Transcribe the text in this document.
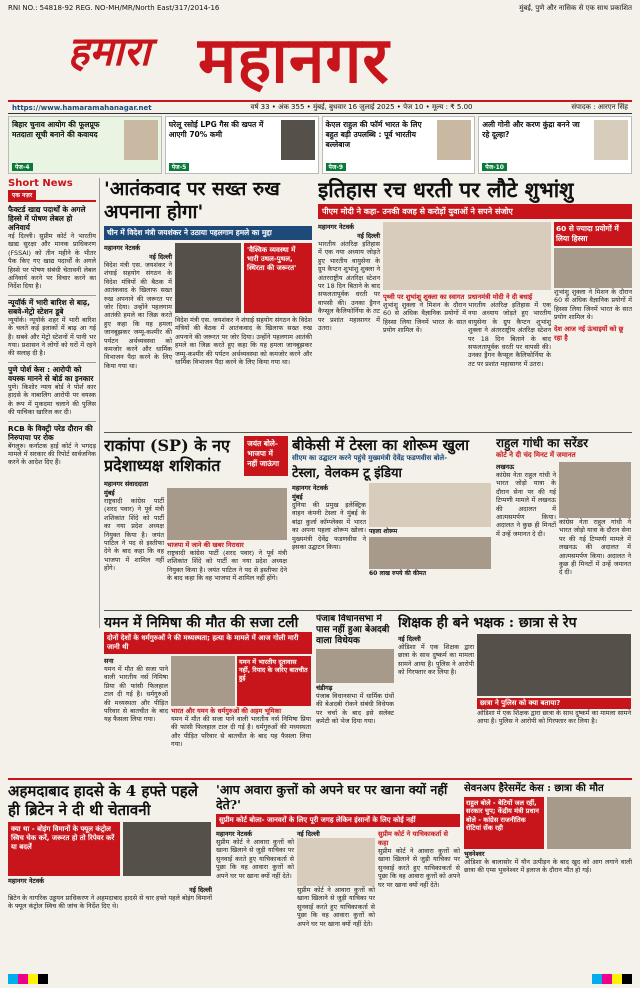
RNI NO.: 54818-92 REG. NO-MH/MR/North East/317/2014-16	मुंबई, पुणे और नासिक से एक साथ प्रकाशित
हमारा महानगर
https://www.hamaramahanagar.net	वर्ष 33 • अंक 355 • मुंबई, बुधवार 16 जुलाई 2025 • पेज 10 • मूल्य : ₹ 5.00	संपादक : आरएन सिंह
बिहार चुनाव आयोग की फूलप्रूफ मतदाता सूची बनाने की कवायद
पेज-4
घरेलू रसोई LPG गैस की खपत में आएगी 70% कमी
पेज-5
केएल राहुल की फॉर्म भारत के लिए बहुत बड़ी उपलब्धि : पूर्व भारतीय बल्लेबाज
पेज-9
अली गोनी और करण कुंद्रा बनने जा रहे दूल्हा?
पेज-10
Short News एक नज़र
फैक्टर्ड खाद्य पदार्थों के अगले हिस्से में पोषण लेबल हो अनिवार्य
नई दिल्ली। सुप्रीम कोर्ट ने भारतीय खाद्य सुरक्षा और मानक प्राधिकरण (FSSAI) को तीन महीने के भीतर पैक किए गए खाद्य पदार्थों के अगले हिस्से पर पोषण संबंधी चेतावनी लेबल अनिवार्य करने पर विचार करने का निर्देश दिया है।
न्यूयॉर्क में भारी बारिश से बाढ़, सबवे-मेट्रो स्टेशन डूबे
न्यूयॉर्क। न्यूयॉर्क शहर में भारी बारिश के चलते कई इलाकों में बाढ़ आ गई है। सबवे और मेट्रो स्टेशनों में पानी भर गया। प्रशासन ने लोगों को घरों में रहने की सलाह दी है।
पुणे पोर्श केस : आरोपी को वयस्क मानने से बोर्ड का इनकार
पुणे। किशोर न्याय बोर्ड ने पोर्श कार हादसे के नाबालिग आरोपी पर वयस्क के रूप में मुकदमा चलाने की पुलिस की याचिका खारिज कर दी।
RCB के विक्ट्री परेड दौरान की निरुपाया पर रोक
बेंगलुरु। कर्नाटक हाई कोर्ट ने भगदड़ मामले में सरकार की रिपोर्ट सार्वजनिक करने के आदेश दिए हैं।
'आतंकवाद पर सख्त रुख अपनाना होगा'
चीन में विदेश मंत्री जयशंकर ने उठाया पहलगाम हमले का मुद्दा
महानगर नेटवर्क
नई दिल्ली
विदेश मंत्री एस. जयशंकर ने शंघाई सहयोग संगठन के विदेश मंत्रियों की बैठक में आतंकवाद के खिलाफ सख्त रुख अपनाने की जरूरत पर जोर दिया। उन्होंने पहलगाम आतंकी हमले का जिक्र करते हुए कहा कि यह हमला जानबूझकर जम्मू-कश्मीर की पर्यटन अर्थव्यवस्था को कमजोर करने और धार्मिक विभाजन पैदा करने के लिए किया गया था।
'वैश्विक व्यवस्था में भारी उथल-पुथल, स्थिरता की जरूरत'
विदेश मंत्री एस. जयशंकर ने शंघाई सहयोग संगठन के विदेश मंत्रियों की बैठक में आतंकवाद के खिलाफ सख्त रुख अपनाने की जरूरत पर जोर दिया। उन्होंने पहलगाम आतंकी हमले का जिक्र करते हुए कहा कि यह हमला जानबूझकर जम्मू-कश्मीर की पर्यटन अर्थव्यवस्था को कमजोर करने और धार्मिक विभाजन पैदा करने के लिए किया गया था।
इतिहास रच धरती पर लौटे शुभांशु
पीएम मोदी ने कहा- उनकी वजह से करोड़ों युवाओं ने सपने संजोए
महानगर नेटवर्क
नई दिल्ली
भारतीय अंतरिक्ष इतिहास में एक नया अध्याय जोड़ते हुए भारतीय वायुसेना के ग्रुप कैप्टन शुभांशु शुक्ला ने अंतरराष्ट्रीय अंतरिक्ष स्टेशन पर 18 दिन बिताने के बाद सफलतापूर्वक धरती पर वापसी की। उनका ड्रैगन कैप्सूल कैलिफोर्निया के तट पर प्रशांत महासागर में उतरा।
पृथ्वी पर शुभांशु शुक्ला का स्वागत
शुभांशु शुक्ला ने मिशन के दौरान 60 से अधिक वैज्ञानिक प्रयोगों में हिस्सा लिया जिनमें भारत के सात प्रयोग शामिल थे।
प्रधानमंत्री मोदी ने दी बधाई
भारतीय अंतरिक्ष इतिहास में एक नया अध्याय जोड़ते हुए भारतीय वायुसेना के ग्रुप कैप्टन शुभांशु शुक्ला ने अंतरराष्ट्रीय अंतरिक्ष स्टेशन पर 18 दिन बिताने के बाद सफलतापूर्वक धरती पर वापसी की। उनका ड्रैगन कैप्सूल कैलिफोर्निया के तट पर प्रशांत महासागर में उतरा।
60 से ज्यादा प्रयोगों में लिया हिस्सा
शुभांशु शुक्ला ने मिशन के दौरान 60 से अधिक वैज्ञानिक प्रयोगों में हिस्सा लिया जिनमें भारत के सात प्रयोग शामिल थे।
देश आज नई ऊंचाइयों को छू रहा है
राकांपा (SP) के नए प्रदेशाध्यक्ष शशिकांत
जयंत बोले- भाजपा में नहीं जाऊंगा
महानगर संवाददाता
मुंबई
राष्ट्रवादी कांग्रेस पार्टी (शरद पवार) ने पूर्व मंत्री शशिकांत शिंदे को पार्टी का नया प्रदेश अध्यक्ष नियुक्त किया है। जयंत पाटिल ने पद से इस्तीफा देने के बाद कहा कि वह भाजपा में शामिल नहीं होंगे।
भाजपा में जाने की खबर निराधार
राष्ट्रवादी कांग्रेस पार्टी (शरद पवार) ने पूर्व मंत्री शशिकांत शिंदे को पार्टी का नया प्रदेश अध्यक्ष नियुक्त किया है। जयंत पाटिल ने पद से इस्तीफा देने के बाद कहा कि वह भाजपा में शामिल नहीं होंगे।
बीकेसी में टेस्ला का शोरूम खुला
सीएम का उद्घाटन करने पहुंचे मुख्यमंत्री देवेंद्र फडणवीस बोले-
टेस्ला, वेलकम टू इंडिया
महानगर नेटवर्क
मुंबई
दुनिया की प्रमुख इलेक्ट्रिक वाहन कंपनी टेस्ला ने मुंबई के बांद्रा कुर्ला कॉम्प्लेक्स में भारत का अपना पहला शोरूम खोला। मुख्यमंत्री देवेंद्र फडणवीस ने इसका उद्घाटन किया।
पहला शोरूम
60 लाख रुपये की कीमत
राहुल गांधी का सरेंडर
कोर्ट ने दी चंद मिनट में जमानत
लखनऊ
कांग्रेस नेता राहुल गांधी ने भारत जोड़ो यात्रा के दौरान सेना पर की गई टिप्पणी मामले में लखनऊ की अदालत में आत्मसमर्पण किया। अदालत ने कुछ ही मिनटों में उन्हें जमानत दे दी।
कांग्रेस नेता राहुल गांधी ने भारत जोड़ो यात्रा के दौरान सेना पर की गई टिप्पणी मामले में लखनऊ की अदालत में आत्मसमर्पण किया। अदालत ने कुछ ही मिनटों में उन्हें जमानत दे दी।
यमन में निमिषा की मौत की सजा टली
दोनों देशों के धर्मगुरुओं ने की मध्यस्थता; हत्या के मामले में आज गोली मारी जानी थी
सना
यमन में मौत की सजा पाने वाली भारतीय नर्स निमिषा प्रिया की फांसी फिलहाल टाल दी गई है। धर्मगुरुओं की मध्यस्थता और पीड़ित परिवार से बातचीत के बाद यह फैसला लिया गया।
यमन में भारतीय दूतावास नहीं, रियाद के जरिए बातचीत हुई
भारत और यमन के धर्मगुरुओं की अहम भूमिका
यमन में मौत की सजा पाने वाली भारतीय नर्स निमिषा प्रिया की फांसी फिलहाल टाल दी गई है। धर्मगुरुओं की मध्यस्थता और पीड़ित परिवार से बातचीत के बाद यह फैसला लिया गया।
पंजाब विधानसभा में पास नहीं हुआ बेअदबी वाला विधेयक
चंडीगढ़
पंजाब विधानसभा में धार्मिक ग्रंथों की बेअदबी रोकने संबंधी विधेयक पर चर्चा के बाद इसे सलेक्ट कमेटी को भेज दिया गया।
शिक्षक ही बने भक्षक : छात्रा से रेप
नई दिल्ली
ओडिशा में एक शिक्षक द्वारा छात्रा के साथ दुष्कर्म का मामला सामने आया है। पुलिस ने आरोपी को गिरफ्तार कर लिया है।
छात्रा ने पुलिस को क्या बताया?
ओडिशा में एक शिक्षक द्वारा छात्रा के साथ दुष्कर्म का मामला सामने आया है। पुलिस ने आरोपी को गिरफ्तार कर लिया है।
अहमदाबाद हादसे के 4 हफ्ते पहले ही ब्रिटेन ने दी थी चेतावनी
क्या था - बोइंग विमानों के फ्यूल कंट्रोल स्विच चेक करें, जरूरत हो तो रिपेयर करें या बदलें
महानगर नेटवर्क
नई दिल्ली
ब्रिटेन के नागरिक उड्डयन प्राधिकरण ने अहमदाबाद हादसे से चार हफ्ते पहले बोइंग विमानों के फ्यूल कंट्रोल स्विच की जांच के निर्देश दिए थे।
'आप अवारा कुत्तों को अपने घर पर खाना क्यों नहीं देते?'
सुप्रीम कोर्ट बोला- जानवरों के लिए पूरी जगह लेकिन इंसानों के लिए कोई नहीं
महानगर नेटवर्क
सुप्रीम कोर्ट ने आवारा कुत्तों को खाना खिलाने से जुड़ी याचिका पर सुनवाई करते हुए याचिकाकर्ता से पूछा कि वह आवारा कुत्तों को अपने घर पर खाना क्यों नहीं देते।
नई दिल्ली
सुप्रीम कोर्ट ने आवारा कुत्तों को खाना खिलाने से जुड़ी याचिका पर सुनवाई करते हुए याचिकाकर्ता से पूछा कि वह आवारा कुत्तों को अपने घर पर खाना क्यों नहीं देते।
सुप्रीम कोर्ट ने याचिकाकर्ता से कहा
सुप्रीम कोर्ट ने आवारा कुत्तों को खाना खिलाने से जुड़ी याचिका पर सुनवाई करते हुए याचिकाकर्ता से पूछा कि वह आवारा कुत्तों को अपने घर पर खाना क्यों नहीं देते।
सेवनअप हैरेसमेंट केस : छात्रा की मौत
राहुल बोले - बेटियों जल रहीं, सरकार चुप; केंद्रीय मंत्री प्रधान बोले - कांग्रेस राजनीतिक रोटियां सेंक रही
भुवनेश्वर
ओडिशा के बालासोर में यौन उत्पीड़न के बाद खुद को आग लगाने वाली छात्रा की एम्स भुवनेश्वर में इलाज के दौरान मौत हो गई।
